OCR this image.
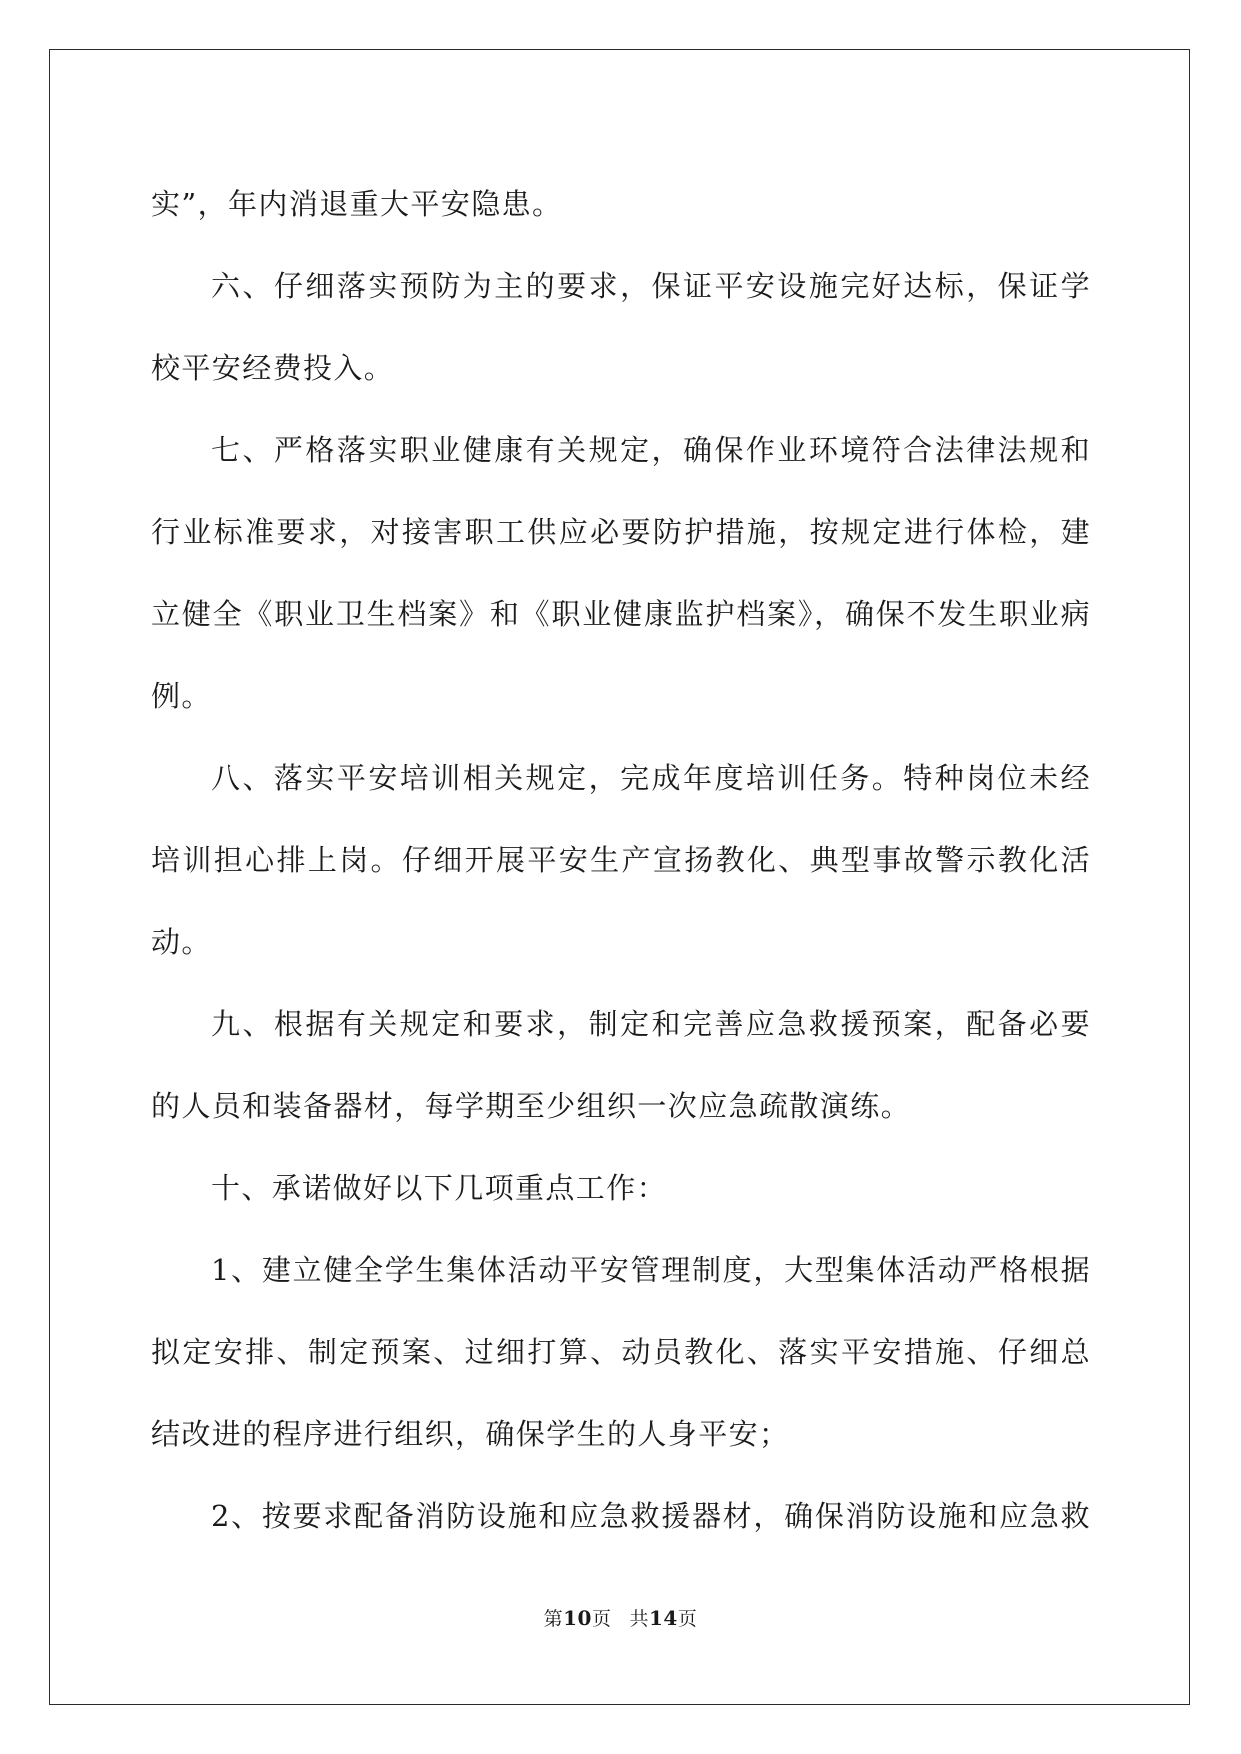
实”，年内消退重大平安隐患。
六、仔细落实预防为主的要求，保证平安设施完好达标，保证学
校平安经费投入。
七、严格落实职业健康有关规定，确保作业环境符合法律法规和
行业标准要求，对接害职工供应必要防护措施，按规定进行体检，建
立健全《职业卫生档案》和《职业健康监护档案》，确保不发生职业病
例。
八、落实平安培训相关规定，完成年度培训任务。特种岗位未经
培训担心排上岗。仔细开展平安生产宣扬教化、典型事故警示教化活
动。
九、根据有关规定和要求，制定和完善应急救援预案，配备必要
的人员和装备器材，每学期至少组织一次应急疏散演练。
十、承诺做好以下几项重点工作：
1、建立健全学生集体活动平安管理制度，大型集体活动严格根据
拟定安排、制定预案、过细打算、动员教化、落实平安措施、仔细总
结改进的程序进行组织，确保学生的人身平安；
2、按要求配备消防设施和应急救援器材，确保消防设施和应急救
第10页 共14页
